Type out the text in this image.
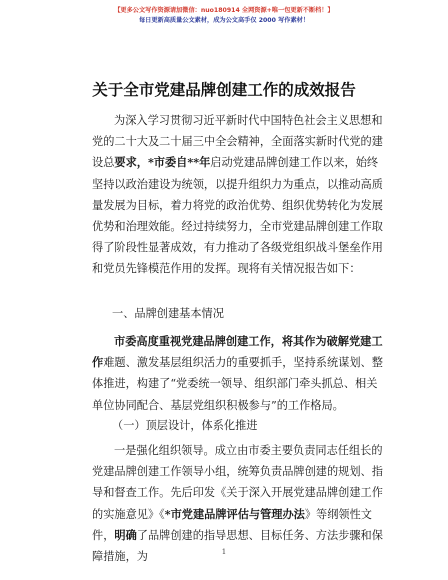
【更多公文写作资源请加微信：nuo180914 全网资源+唯一包更新不断档！】
每日更新高质量公文素材，成为公文高手仅 2000 写作素材！
关于全市党建品牌创建工作的成效报告

为深入学习贯彻习近平新时代中国特色社会主义思想和党的二十大及二十届三中全会精神，全面落实新时代党的建设总要求，*市委自**年启动党建品牌创建工作以来，始终坚持以政治建设为统领，以提升组织力为重点，以推动高质量发展为目标，着力将党的政治优势、组织优势转化为发展优势和治理效能。经过持续努力，全市党建品牌创建工作取得了阶段性显著成效，有力推动了各级党组织战斗堡垒作用和党员先锋模范作用的发挥。现将有关情况报告如下：

一、品牌创建基本情况

市委高度重视党建品牌创建工作，将其作为破解党建工作难题、激发基层组织活力的重要抓手，坚持系统谋划、整体推进，构建了“党委统一领导、组织部门牵头抓总、相关单位协同配合、基层党组织积极参与”的工作格局。

（一）顶层设计，体系化推进

一是强化组织领导。成立由市委主要负责同志任组长的党建品牌创建工作领导小组，统筹负责品牌创建的规划、指导和督查工作。先后印发《关于深入开展党建品牌创建工作的实施意见》《*市党建品牌评估与管理办法》等纲领性文件，明确了品牌创建的指导思想、目标任务、方法步骤和保障措施，为	1
